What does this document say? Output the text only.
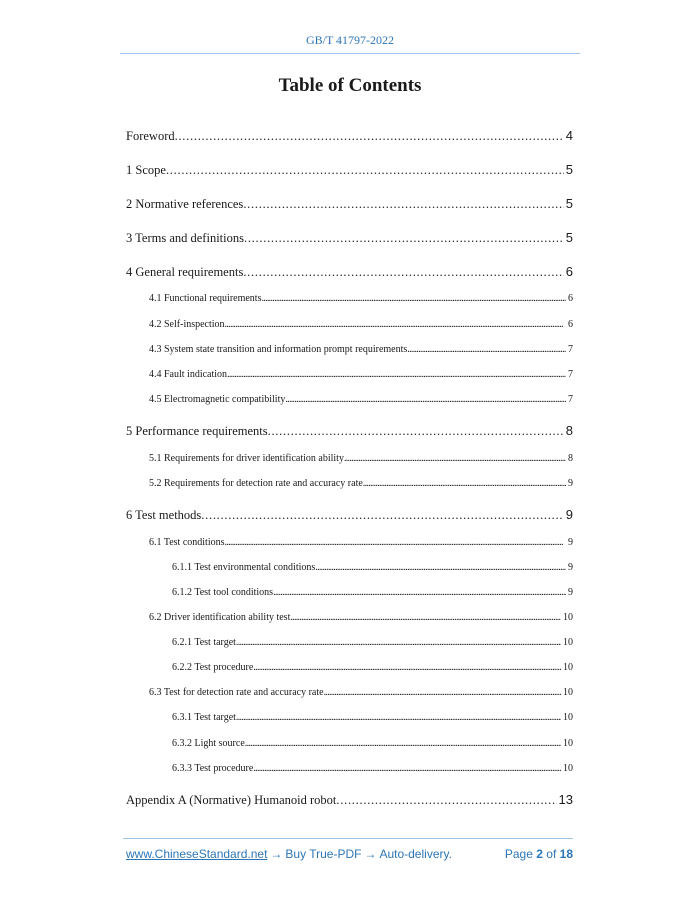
GB/T 41797-2022
Table of Contents
Foreword . . .	4
1 Scope . . .	5
2 Normative references . . .	5
3 Terms and definitions . . .	5
4 General requirements . . .	6
4.1 Functional requirements . . .	6
4.2 Self-inspection . . .	6
4.3 System state transition and information prompt requirements . . .	7
4.4 Fault indication . . .	7
4.5 Electromagnetic compatibility . . .	7
5 Performance requirements . . .	8
5.1 Requirements for driver identification ability . . .	8
5.2 Requirements for detection rate and accuracy rate . . .	9
6 Test methods . . .	9
6.1 Test conditions . . .	9
6.1.1 Test environmental conditions . . .	9
6.1.2 Test tool conditions . . .	9
6.2 Driver identification ability test . . .	10
6.2.1 Test target . . .	10
6.2.2 Test procedure . . .	10
6.3 Test for detection rate and accuracy rate . . .	10
6.3.1 Test target . . .	10
6.3.2 Light source . . .	10
6.3.3 Test procedure . . .	10
Appendix A (Normative) Humanoid robot . . .	13
www.ChineseStandard.net → Buy True-PDF → Auto-delivery.	Page 2 of 18
